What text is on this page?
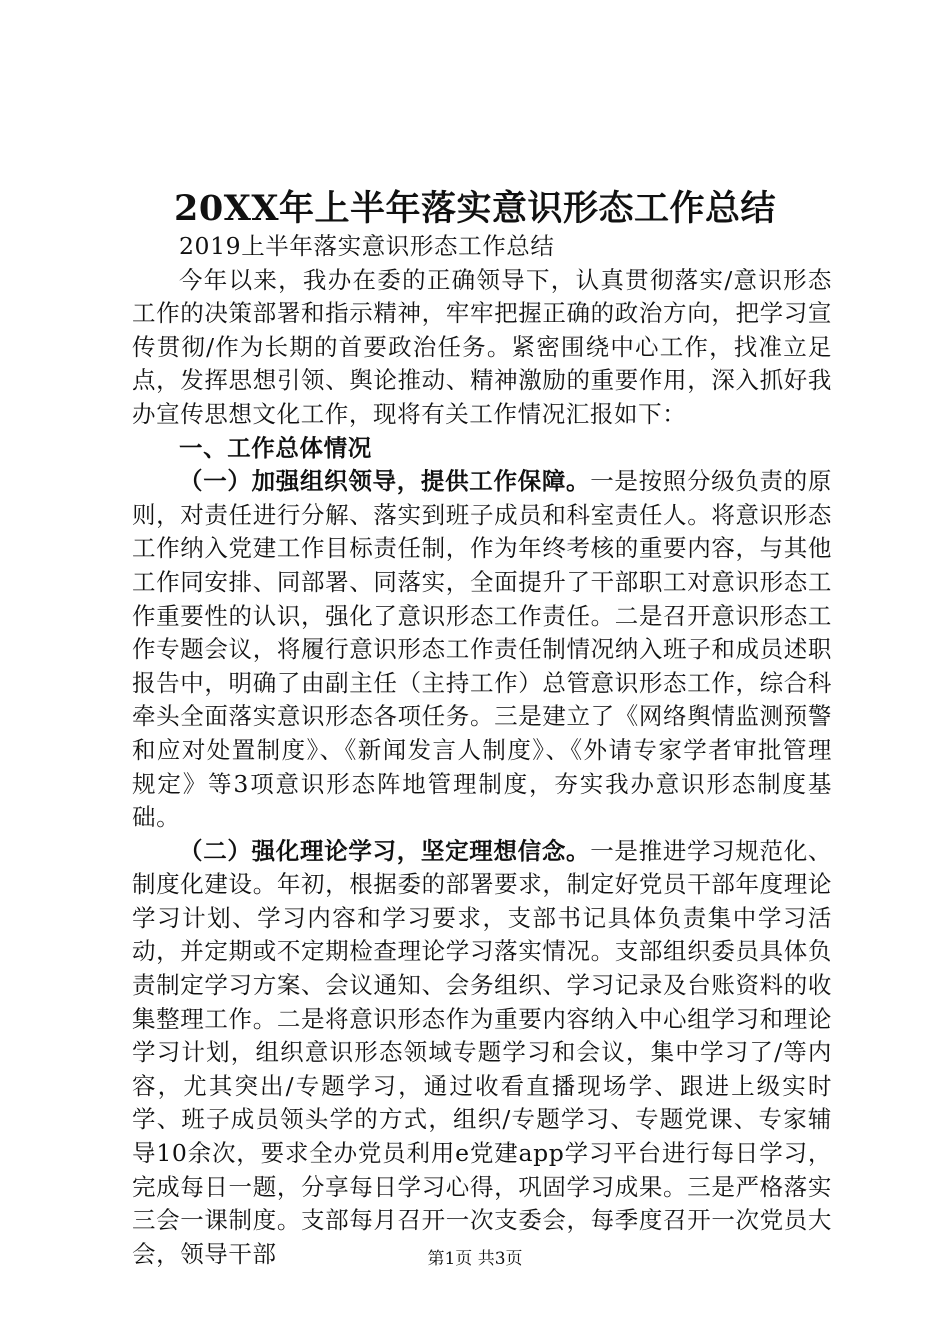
20XX年上半年落实意识形态工作总结

2019上半年落实意识形态工作总结

今年以来，我办在委的正确领导下，认真贯彻落实/意识形态工作的决策部署和指示精神，牢牢把握正确的政治方向，把学习宣传贯彻/作为长期的首要政治任务。紧密围绕中心工作，找准立足点，发挥思想引领、舆论推动、精神激励的重要作用，深入抓好我办宣传思想文化工作，现将有关工作情况汇报如下：

一、工作总体情况

（一）加强组织领导，提供工作保障。一是按照分级负责的原则，对责任进行分解、落实到班子成员和科室责任人。将意识形态工作纳入党建工作目标责任制，作为年终考核的重要内容，与其他工作同安排、同部署、同落实，全面提升了干部职工对意识形态工作重要性的认识，强化了意识形态工作责任。二是召开意识形态工作专题会议，将履行意识形态工作责任制情况纳入班子和成员述职报告中，明确了由副主任（主持工作）总管意识形态工作，综合科牵头全面落实意识形态各项任务。三是建立了《网络舆情监测预警和应对处置制度》、《新闻发言人制度》、《外请专家学者审批管理规定》等3项意识形态阵地管理制度，夯实我办意识形态制度基础。

（二）强化理论学习，坚定理想信念。一是推进学习规范化、制度化建设。年初，根据委的部署要求，制定好党员干部年度理论学习计划、学习内容和学习要求，支部书记具体负责集中学习活动，并定期或不定期检查理论学习落实情况。支部组织委员具体负责制定学习方案、会议通知、会务组织、学习记录及台账资料的收集整理工作。二是将意识形态作为重要内容纳入中心组学习和理论学习计划，组织意识形态领域专题学习和会议，集中学习了/等内容，尤其突出/专题学习，通过收看直播现场学、跟进上级实时学、班子成员领头学的方式，组织/专题学习、专题党课、专家辅导10余次，要求全办党员利用e党建app学习平台进行每日学习，完成每日一题，分享每日学习心得，巩固学习成果。三是严格落实三会一课制度。支部每月召开一次支委会，每季度召开一次党员大会，领导干部	第1页 共3页
